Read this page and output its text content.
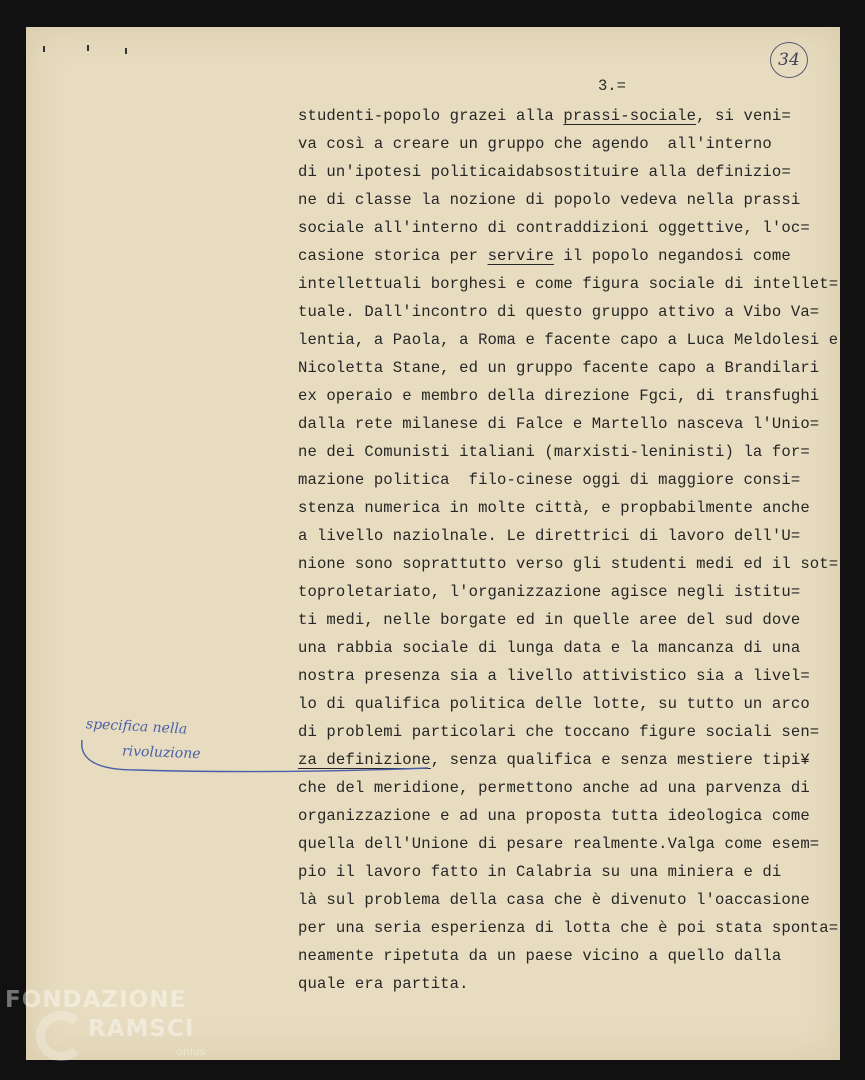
34
3.=
studenti-popolo grazei alla prassi-sociale, si veni=
va così a creare un gruppo che agendo  all'interno
di un'ipotesi politicaidabsostituire alla definizio=
ne di classe la nozione di popolo vedeva nella prassi
sociale all'interno di contraddizioni oggettive, l'oc=
casione storica per servire il popolo negandosi come
intellettuali borghesi e come figura sociale di intellet=
tuale. Dall'incontro di questo gruppo attivo a Vibo Va=
lentia, a Paola, a Roma e facente capo a Luca Meldolesi e
Nicoletta Stane, ed un gruppo facente capo a Brandilari
ex operaio e membro della direzione Fgci, di transfughi
dalla rete milanese di Falce e Martello nasceva l'Unio=
ne dei Comunisti italiani (marxisti-leninisti) la for=
mazione politica  filo-cinese oggi di maggiore consi=
stenza numerica in molte città, e propbabilmente anche
a livello naziolnale. Le direttrici di lavoro dell'U=
nione sono soprattutto verso gli studenti medi ed il sot=
toproletariato, l'organizzazione agisce negli istitu=
ti medi, nelle borgate ed in quelle aree del sud dove
una rabbia sociale di lunga data e la mancanza di una
nostra presenza sia a livello attivistico sia a livel=
lo di qualifica politica delle lotte, su tutto un arco
di problemi particolari che toccano figure sociali sen=
za definizione, senza qualifica e senza mestiere tipi¥
che del meridione, permettono anche ad una parvenza di
organizzazione e ad una proposta tutta ideologica come
quella dell'Unione di pesare realmente.Valga come esem=
pio il lavoro fatto in Calabria su una miniera e di
là sul problema della casa che è divenuto l'oaccasione
per una seria esperienza di lotta che è poi stata sponta=
neamente ripetuta da un paese vicino a quello dalla
quale era partita.
specifica nella
rivoluzione
FONDAZIONE
RAMSCI
onlus
